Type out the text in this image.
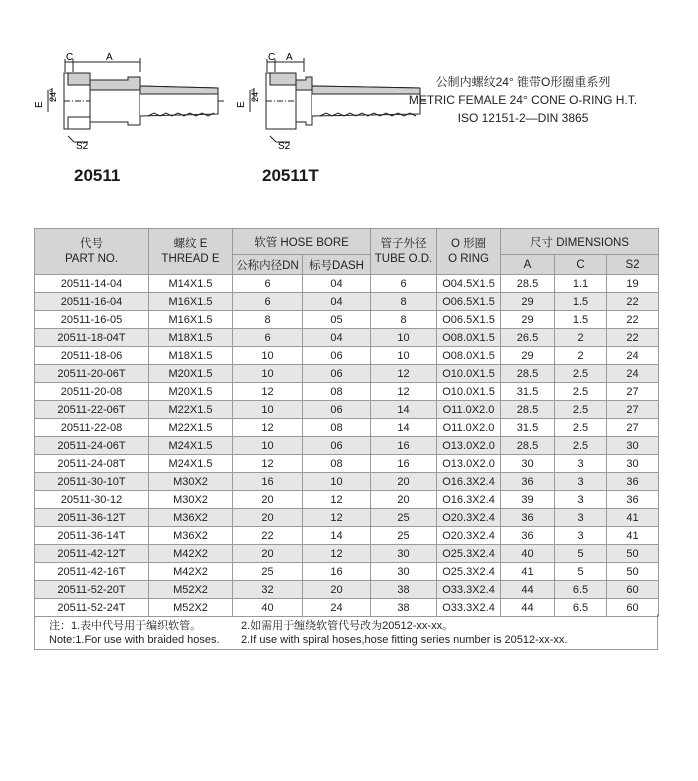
C	A
E
24°
S2
C A
E
24°
S2
20511	20511T
公制内螺纹24° 锥带O形圈重系列
METRIC FEMALE 24° CONE O-RING H.T.
ISO 12151-2—DIN 3865
代号
PART NO.	螺纹 E
THREAD E	软管 HOSE BORE		管子外径
TUBE O.D.	O 形圈
O RING	尺寸 DIMENSIONS		
		公称内径DN	标号DASH			A	C	S2
20511-14-04	M14X1.5	6	04	6	O04.5X1.5	28.5	1.1	19
20511-16-04	M16X1.5	6	04	8	O06.5X1.5	29	1.5	22
20511-16-05	M16X1.5	8	05	8	O06.5X1.5	29	1.5	22
20511-18-04T	M18X1.5	6	04	10	O08.0X1.5	26.5	2	22
20511-18-06	M18X1.5	10	06	10	O08.0X1.5	29	2	24
20511-20-06T	M20X1.5	10	06	12	O10.0X1.5	28.5	2.5	24
20511-20-08	M20X1.5	12	08	12	O10.0X1.5	31.5	2.5	27
20511-22-06T	M22X1.5	10	06	14	O11.0X2.0	28.5	2.5	27
20511-22-08	M22X1.5	12	08	14	O11.0X2.0	31.5	2.5	27
20511-24-06T	M24X1.5	10	06	16	O13.0X2.0	28.5	2.5	30
20511-24-08T	M24X1.5	12	08	16	O13.0X2.0	30	3	30
20511-30-10T	M30X2	16	10	20	O16.3X2.4	36	3	36
20511-30-12	M30X2	20	12	20	O16.3X2.4	39	3	36
20511-36-12T	M36X2	20	12	25	O20.3X2.4	36	3	41
20511-36-14T	M36X2	22	14	25	O20.3X2.4	36	3	41
20511-42-12T	M42X2	20	12	30	O25.3X2.4	40	5	50
20511-42-16T	M42X2	25	16	30	O25.3X2.4	41	5	50
20511-52-20T	M52X2	32	20	38	O33.3X2.4	44	6.5	60
20511-52-24T	M52X2	40	24	38	O33.3X2.4	44	6.5	60
注：1.表中代号用于编织软管。
Note:1.For use with braided hoses.
2.如需用于缠绕软管代号改为20512-xx-xx。
2.If use with spiral hoses,hose fitting series number is 20512-xx-xx.
